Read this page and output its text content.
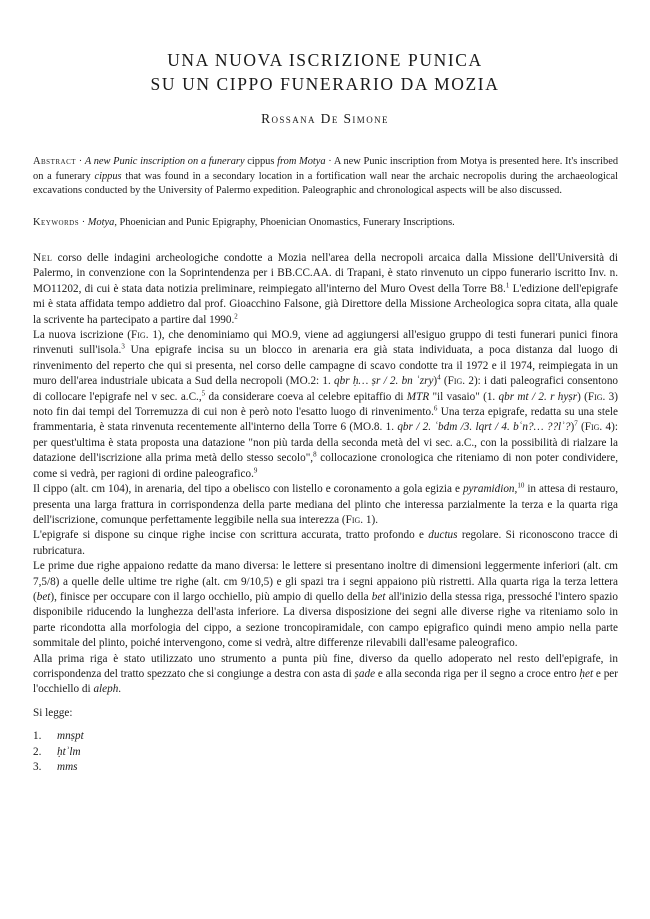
UNA NUOVA ISCRIZIONE PUNICA
SU UN CIPPO FUNERARIO DA MOZIA
Rossana De Simone

Abstract · A new Punic inscription on a funerary cippus from Motya · A new Punic inscription from Motya is presented here. It's inscribed on a funerary cippus that was found in a secondary location in a fortification wall near the archaic necropolis during the archaeological excavations conducted by the University of Palermo expedition. Paleographic and chronological aspects will be also discussed.

Keywords · Motya, Phoenician and Punic Epigraphy, Phoenician Onomastics, Funerary Inscriptions.

Nel corso delle indagini archeologiche condotte a Mozia nell'area della necropoli arcaica dalla Missione dell'Università di Palermo, in convenzione con la Soprintendenza per i BB.CC.AA. di Trapani, è stato rinvenuto un cippo funerario iscritto Inv. n. MO11202, di cui è stata data notizia preliminare, reimpiegato all'interno del Muro Ovest della Torre B8.$^1$ L'edizione dell'epigrafe mi è stata affidata tempo addietro dal prof. Gioacchino Falsone, già Direttore della Missione Archeologica sopra citata, alla quale la scrivente ha partecipato a partire dal 1990.$^2$

La nuova iscrizione (Fig. 1), che denominiamo qui MO.9, viene ad aggiungersi all'esiguo gruppo di testi funerari punici finora rinvenuti sull'isola.$^3$ Una epigrafe incisa su un blocco in arenaria era già stata individuata, a poca distanza dal luogo di rinvenimento del reperto che qui si presenta, nel corso delle campagne di scavo condotte tra il 1972 e il 1974, reimpiegata in un muro dell'area industriale ubicata a Sud della necropoli (MO.2: 1. qbr ḥ… ṣr / 2. bn ʿzry)$^4$ (Fig. 2): i dati paleografici consentono di collocare l'epigrafe nel v sec. a.C.,$^5$ da considerare coeva al celebre epitaffio di MTR "il vasaio" (1. qbr mt / 2. r hyṣr) (Fig. 3) noto fin dai tempi del Torremuzza di cui non è però noto l'esatto luogo di rinvenimento.$^6$ Una terza epigrafe, redatta su una stele frammentaria, è stata rinvenuta recentemente all'interno della Torre 6 (MO.8. 1. qbr / 2. ʿbdm /3. lqrt / 4. bʿn?… ??lʾ?)$^7$ (Fig. 4): per quest'ultima è stata proposta una datazione "non più tarda della seconda metà del vi sec. a.C., con la possibilità di rialzare la datazione dell'iscrizione alla prima metà dello stesso secolo",$^8$ collocazione cronologica che riteniamo di non poter condividere, come si vedrà, per ragioni di ordine paleografico.$^9$

Il cippo (alt. cm 104), in arenaria, del tipo a obelisco con listello e coronamento a gola egizia e pyramidion,$^{10}$ in attesa di restauro, presenta una larga frattura in corrispondenza della parte mediana del plinto che interessa parzialmente la terza e la quarta riga dell'iscrizione, comunque perfettamente leggibile nella sua interezza (Fig. 1).

L'epigrafe si dispone su cinque righe incise con scrittura accurata, tratto profondo e ductus regolare. Si riconoscono tracce di rubricatura.

Le prime due righe appaiono redatte da mano diversa: le lettere si presentano inoltre di dimensioni leggermente inferiori (alt. cm 7,5/8) a quelle delle ultime tre righe (alt. cm 9/10,5) e gli spazi tra i segni appaiono più ristretti. Alla quarta riga la terza lettera (bet), finisce per occupare con il largo occhiello, più ampio di quello della bet all'inizio della stessa riga, pressoché l'intero spazio disponibile riducendo la lunghezza dell'asta inferiore. La diversa disposizione dei segni alle diverse righe va riteniamo solo in parte ricondotta alla morfologia del cippo, a sezione troncopiramidale, con campo epigrafico quindi meno ampio nella parte sommitale del plinto, poiché intervengono, come si vedrà, altre differenze rilevabili dall'esame paleografico.

Alla prima riga è stato utilizzato uno strumento a punta più fine, diverso da quello adoperato nel resto dell'epigrafe, in corrispondenza del tratto spezzato che si congiunge a destra con asta di ṣade e alla seconda riga per il segno a croce entro ḥet e per l'occhiello di aleph.

Si legge:

1.	mnṣpt
2.	ḥtʾlm
3.	mms
